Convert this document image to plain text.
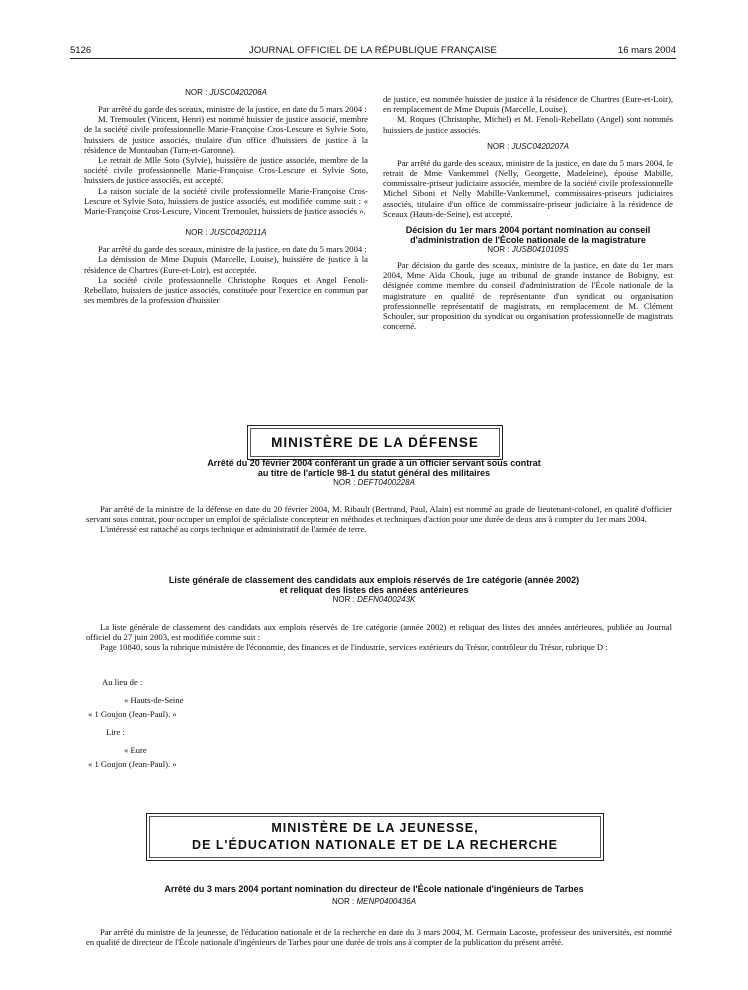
5126	JOURNAL OFFICIEL DE LA RÉPUBLIQUE FRANÇAISE	16 mars 2004
NOR : JUSC0420206A

Par arrêté du garde des sceaux, ministre de la justice, en date du 5 mars 2004 :

M. Tremoulet (Vincent, Henri) est nommé huissier de justice associé, membre de la société civile professionnelle Marie-Françoise Cros-Lescure et Sylvie Soto, huissiers de justice associés, titulaire d'un office d'huissiers de justice à la résidence de Montauban (Tarn-et-Garonne).

Le retrait de Mlle Soto (Sylvie), huissière de justice associée, membre de la société civile professionnelle Marie-Françoise Cros-Lescure et Sylvie Soto, huissiers de justice associés, est accepté.

La raison sociale de la société civile professionnelle Marie-Françoise Cros-Lescure et Sylvie Soto, huissiers de justice associés, est modifiée comme suit : « Marie-Françoise Cros-Lescure, Vincent Tremoulet, huissiers de justice associés ».

NOR : JUSC0420211A

Par arrêté du garde des sceaux, ministre de la justice, en date du 5 mars 2004 :

La démission de Mme Dupuis (Marcelle, Louise), huissière de justice à la résidence de Chartres (Eure-et-Loir), est acceptée.

La société civile professionnelle Christophe Roques et Angel Fenoli-Rebellato, huissiers de justice associés, constituée pour l'exercice en commun par ses membres de la profession d'huissier

de justice, est nommée huissier de justice à la résidence de Chartres (Eure-et-Loir), en remplacement de Mme Dupuis (Marcelle, Louise).

M. Roques (Christophe, Michel) et M. Fenoli-Rebellato (Angel) sont nommés huissiers de justice associés.

NOR : JUSC0420207A

Par arrêté du garde des sceaux, ministre de la justice, en date du 5 mars 2004, le retrait de Mme Vankemmel (Nelly, Georgette, Madeleine), épouse Mabille, commissaire-priseur judiciaire associée, membre de la société civile professionnelle Michel Siboni et Nelly Mabille-Vankemmel, commissaires-priseurs judiciaires associés, titulaire d'un office de commissaire-priseur judiciaire à la résidence de Sceaux (Hauts-de-Seine), est accepté.

Décision du 1er mars 2004 portant nomination au conseil
d'administration de l'École nationale de la magistrature
NOR : JUSB0410109S

Par décision du garde des sceaux, ministre de la justice, en date du 1er mars 2004, Mme Aïda Chouk, juge au tribunal de grande instance de Bobigny, est désignée comme membre du conseil d'administration de l'École nationale de la magistrature en qualité de représentante d'un syndicat ou organisation professionnelle représentatif de magistrats, en remplacement de M. Clément Schouler, sur proposition du syndicat ou organisation professionnelle de magistrats concerné.

MINISTÈRE DE LA DÉFENSE
Arrêté du 20 février 2004 conférant un grade à un officier servant sous contrat
au titre de l'article 98-1 du statut général des militaires
NOR : DEFT0400228A

Par arrêté de la ministre de la défense en date du 20 février 2004, M. Ribault (Bertrand, Paul, Alain) est nommé au grade de lieutenant-colonel, en qualité d'officier servant sous contrat, pour occuper un emploi de spécialiste concepteur en méthodes et techniques d'action pour une durée de deux ans à compter du 1er mars 2004.

L'intéressé est rattaché au corps technique et administratif de l'armée de terre.

Liste générale de classement des candidats aux emplois réservés de 1re catégorie (année 2002)
et reliquat des listes des années antérieures
NOR : DEFN0400243K

La liste générale de classement des candidats aux emplois réservés de 1re catégorie (année 2002) et reliquat des listes des années antérieures, publiée au Journal officiel du 27 juin 2003, est modifiée comme suit :

Page 10840, sous la rubrique ministère de l'économie, des finances et de l'industrie, services extérieurs du Trésor, contrôleur du Trésor, rubrique D :

Au lieu de :
« Hauts-de-Seine
« 1 Goujon (Jean-Paul). »
Lire :
« Eure
« 1 Goujon (Jean-Paul). »
MINISTÈRE DE LA JEUNESSE,
DE L'ÉDUCATION NATIONALE ET DE LA RECHERCHE
Arrêté du 3 mars 2004 portant nomination du directeur de l'École nationale d'ingénieurs de Tarbes
NOR : MENP0400436A

Par arrêté du ministre de la jeunesse, de l'éducation nationale et de la recherche en date du 3 mars 2004, M. Germain Lacoste, professeur des universités, est nommé en qualité de directeur de l'École nationale d'ingénieurs de Tarbes pour une durée de trois ans à compter de la publication du présent arrêté.
